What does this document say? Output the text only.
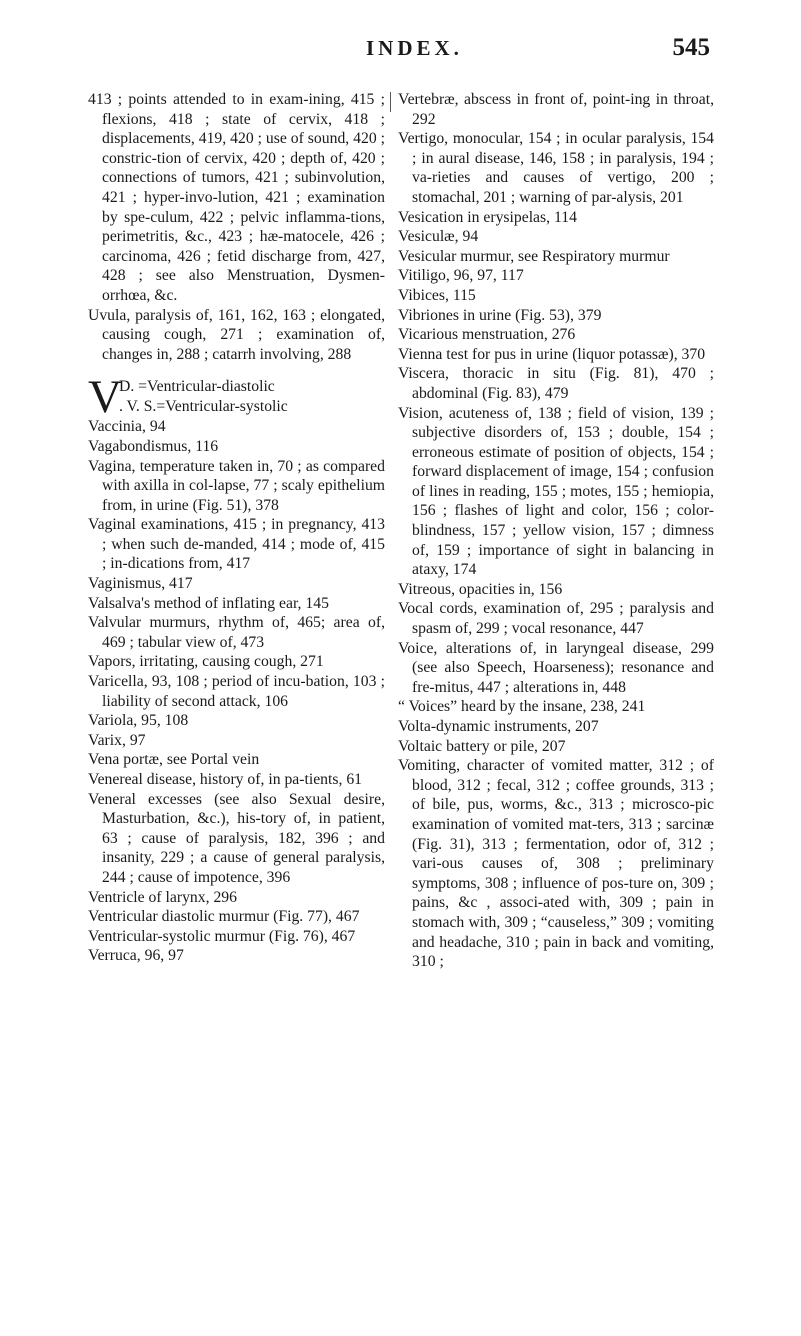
INDEX.	545

413 ; points attended to in exam-ining, 415 ; flexions, 418 ; state of cervix, 418 ; displacements, 419, 420 ; use of sound, 420 ; constric-tion of cervix, 420 ; depth of, 420 ; connections of tumors, 421 ; subinvolution, 421 ; hyper-invo-lution, 421 ; examination by spe-culum, 422 ; pelvic inflamma-tions, perimetritis, &c., 423 ; hæ-matocele, 426 ; carcinoma, 426 ; fetid discharge from, 427, 428 ; see also Menstruation, Dysmen-orrhœa, &c.

Uvula, paralysis of, 161, 162, 163 ; elongated, causing cough, 271 ; examination of, changes in, 288 ; catarrh involving, 288

V

D. =Ventricular-diastolic

. V. S.=Ventricular-systolic

Vaccinia, 94

Vagabondismus, 116

Vagina, temperature taken in, 70 ; as compared with axilla in col-lapse, 77 ; scaly epithelium from, in urine (Fig. 51), 378

Vaginal examinations, 415 ; in pregnancy, 413 ; when such de-manded, 414 ; mode of, 415 ; in-dications from, 417

Vaginismus, 417

Valsalva's method of inflating ear, 145

Valvular murmurs, rhythm of, 465; area of, 469 ; tabular view of, 473

Vapors, irritating, causing cough, 271

Varicella, 93, 108 ; period of incu-bation, 103 ; liability of second attack, 106

Variola, 95, 108

Varix, 97

Vena portæ, see Portal vein

Venereal disease, history of, in pa-tients, 61

Veneral excesses (see also Sexual desire, Masturbation, &c.), his-tory of, in patient, 63 ; cause of paralysis, 182, 396 ; and insanity, 229 ; a cause of general paralysis, 244 ; cause of impotence, 396

Ventricle of larynx, 296

Ventricular diastolic murmur (Fig. 77), 467

Ventricular-systolic murmur (Fig. 76), 467

Verruca, 96, 97

Vertebræ, abscess in front of, point-ing in throat, 292

Vertigo, monocular, 154 ; in ocular paralysis, 154 ; in aural disease, 146, 158 ; in paralysis, 194 ; va-rieties and causes of vertigo, 200 ; stomachal, 201 ; warning of par-alysis, 201

Vesication in erysipelas, 114

Vesiculæ, 94

Vesicular murmur, see Respiratory murmur

Vitiligo, 96, 97, 117

Vibices, 115

Vibriones in urine (Fig. 53), 379

Vicarious menstruation, 276

Vienna test for pus in urine (liquor potassæ), 370

Viscera, thoracic in situ (Fig. 81), 470 ; abdominal (Fig. 83), 479

Vision, acuteness of, 138 ; field of vision, 139 ; subjective disorders of, 153 ; double, 154 ; erroneous estimate of position of objects, 154 ; forward displacement of image, 154 ; confusion of lines in reading, 155 ; motes, 155 ; hemiopia, 156 ; flashes of light and color, 156 ; color-blindness, 157 ; yellow vision, 157 ; dimness of, 159 ; importance of sight in balancing in ataxy, 174

Vitreous, opacities in, 156

Vocal cords, examination of, 295 ; paralysis and spasm of, 299 ; vocal resonance, 447

Voice, alterations of, in laryngeal disease, 299 (see also Speech, Hoarseness); resonance and fre-mitus, 447 ; alterations in, 448

“ Voices” heard by the insane, 238, 241

Volta-dynamic instruments, 207

Voltaic battery or pile, 207

Vomiting, character of vomited matter, 312 ; of blood, 312 ; fecal, 312 ; coffee grounds, 313 ; of bile, pus, worms, &c., 313 ; microsco-pic examination of vomited mat-ters, 313 ; sarcinæ (Fig. 31), 313 ; fermentation, odor of, 312 ; vari-ous causes of, 308 ; preliminary symptoms, 308 ; influence of pos-ture on, 309 ; pains, &c , associ-ated with, 309 ; pain in stomach with, 309 ; “causeless,” 309 ; vomiting and headache, 310 ; pain in back and vomiting, 310 ;
